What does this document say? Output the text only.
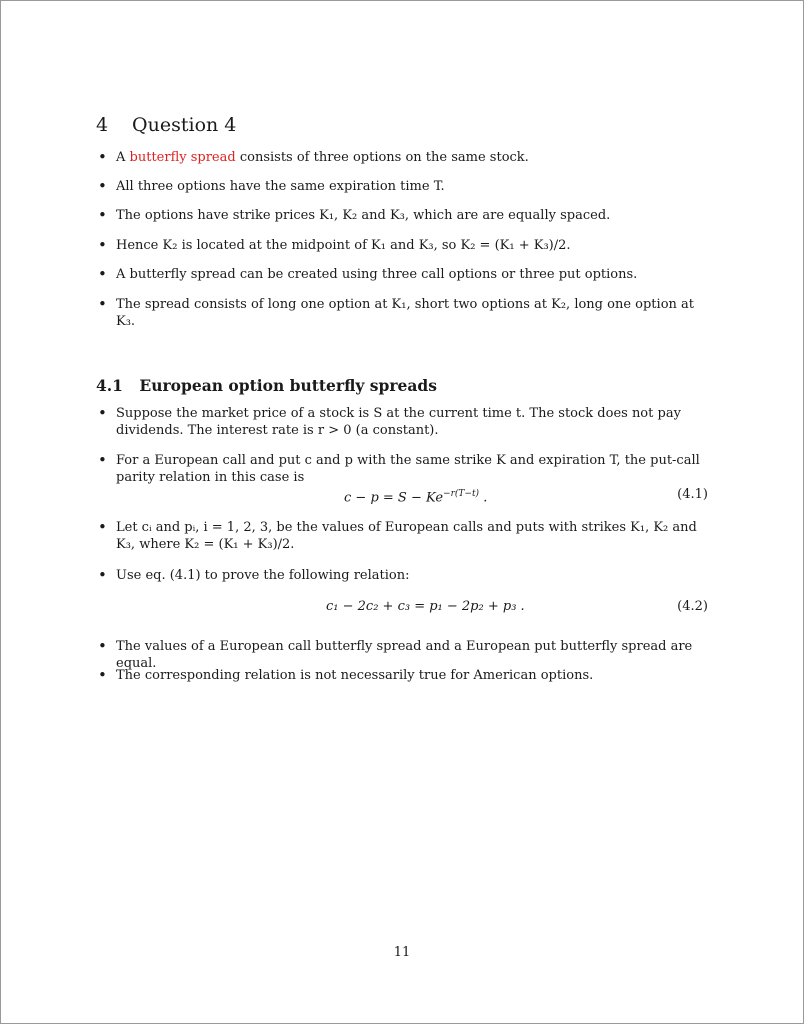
4 Question 4
• A butterfly spread consists of three options on the same stock.
• All three options have the same expiration time T.
• The options have strike prices K₁, K₂ and K₃, which are are equally spaced.
• Hence K₂ is located at the midpoint of K₁ and K₃, so K₂ = (K₁ + K₃)/2.
• A butterfly spread can be created using three call options or three put options.
• The spread consists of long one option at K₁, short two options at K₂, long one option at K₃.
4.1 European option butterfly spreads
• Suppose the market price of a stock is S at the current time t. The stock does not pay dividends. The interest rate is r > 0 (a constant).
• For a European call and put c and p with the same strike K and expiration T, the put-call parity relation in this case is
• Let cᵢ and pᵢ, i = 1, 2, 3, be the values of European calls and puts with strikes K₁, K₂ and K₃, where K₂ = (K₁ + K₃)/2.
• Use eq. (4.1) to prove the following relation:
• The values of a European call butterfly spread and a European put butterfly spread are equal.
• The corresponding relation is not necessarily true for American options.
$c - p = S - Ke^{-r(T-t)}$ .	(4.1)
c₁ − 2c₂ + c₃ = p₁ − 2p₂ + p₃ .	(4.2)
11
